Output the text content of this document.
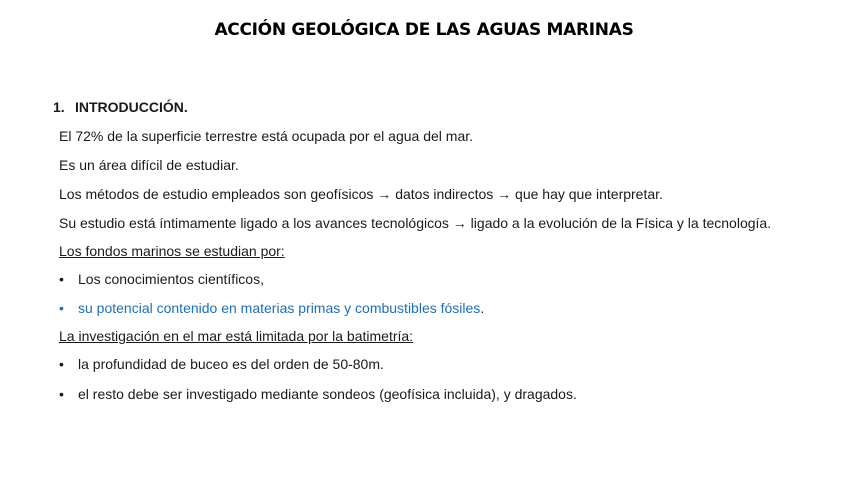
ACCIÓN GEOLÓGICA DE LAS AGUAS MARINAS
1. INTRODUCCIÓN.
El 72% de la superficie terrestre está ocupada por el agua del mar.
Es un área difícil de estudiar.
Los métodos de estudio empleados son geofísicos → datos indirectos → que hay que interpretar.
Su estudio está íntimamente ligado a los avances tecnológicos → ligado a la evolución de la Física y la tecnología.
Los fondos marinos se estudian por:
• Los conocimientos científicos,
• su potencial contenido en materias primas y combustibles fósiles.
La investigación en el mar está limitada por la batimetría:
• la profundidad de buceo es del orden de 50-80m.
• el resto debe ser investigado mediante sondeos (geofísica incluida), y dragados.
